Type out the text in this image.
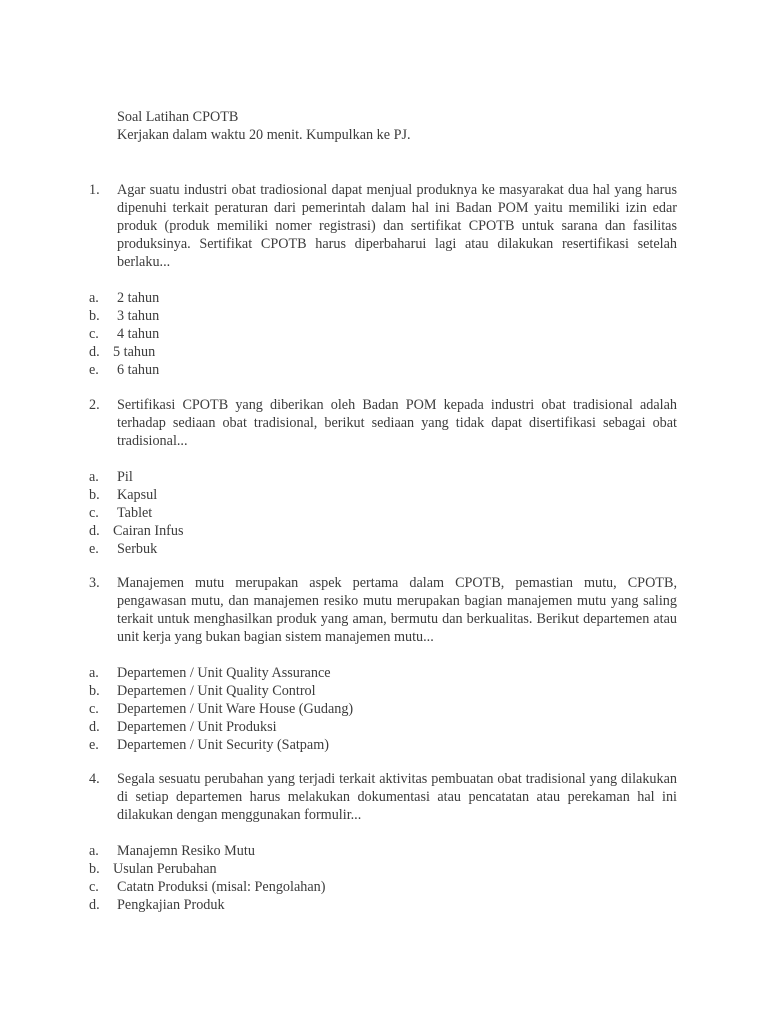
Soal Latihan CPOTB
Kerjakan dalam waktu 20 menit. Kumpulkan ke PJ.
1. Agar suatu industri obat tradiosional dapat menjual produknya ke masyarakat dua hal yang harus dipenuhi terkait peraturan dari pemerintah dalam hal ini Badan POM yaitu memiliki izin edar produk (produk memiliki nomer registrasi) dan sertifikat CPOTB untuk sarana dan fasilitas produksinya. Sertifikat CPOTB harus diperbaharui lagi atau dilakukan resertifikasi setelah berlaku...
a. 2 tahun
b. 3 tahun
c. 4 tahun
d. 5 tahun
e. 6 tahun
2. Sertifikasi CPOTB yang diberikan oleh Badan POM kepada industri obat tradisional adalah terhadap sediaan obat tradisional, berikut sediaan yang tidak dapat disertifikasi sebagai obat tradisional...
a. Pil
b. Kapsul
c. Tablet
d. Cairan Infus
e. Serbuk
3. Manajemen mutu merupakan aspek pertama dalam CPOTB, pemastian mutu, CPOTB, pengawasan mutu, dan manajemen resiko mutu merupakan bagian manajemen mutu yang saling terkait untuk menghasilkan produk yang aman, bermutu dan berkualitas. Berikut departemen atau unit kerja yang bukan bagian sistem manajemen mutu...
a. Departemen / Unit Quality Assurance
b. Departemen / Unit Quality Control
c. Departemen / Unit Ware House (Gudang)
d. Departemen / Unit Produksi
e. Departemen / Unit Security (Satpam)
4. Segala sesuatu perubahan yang terjadi terkait aktivitas pembuatan obat tradisional yang dilakukan di setiap departemen harus melakukan dokumentasi atau pencatatan atau perekaman hal ini dilakukan dengan menggunakan formulir...
a. Manajemn Resiko Mutu
b. Usulan Perubahan
c. Catatn Produksi (misal: Pengolahan)
d. Pengkajian Produk
